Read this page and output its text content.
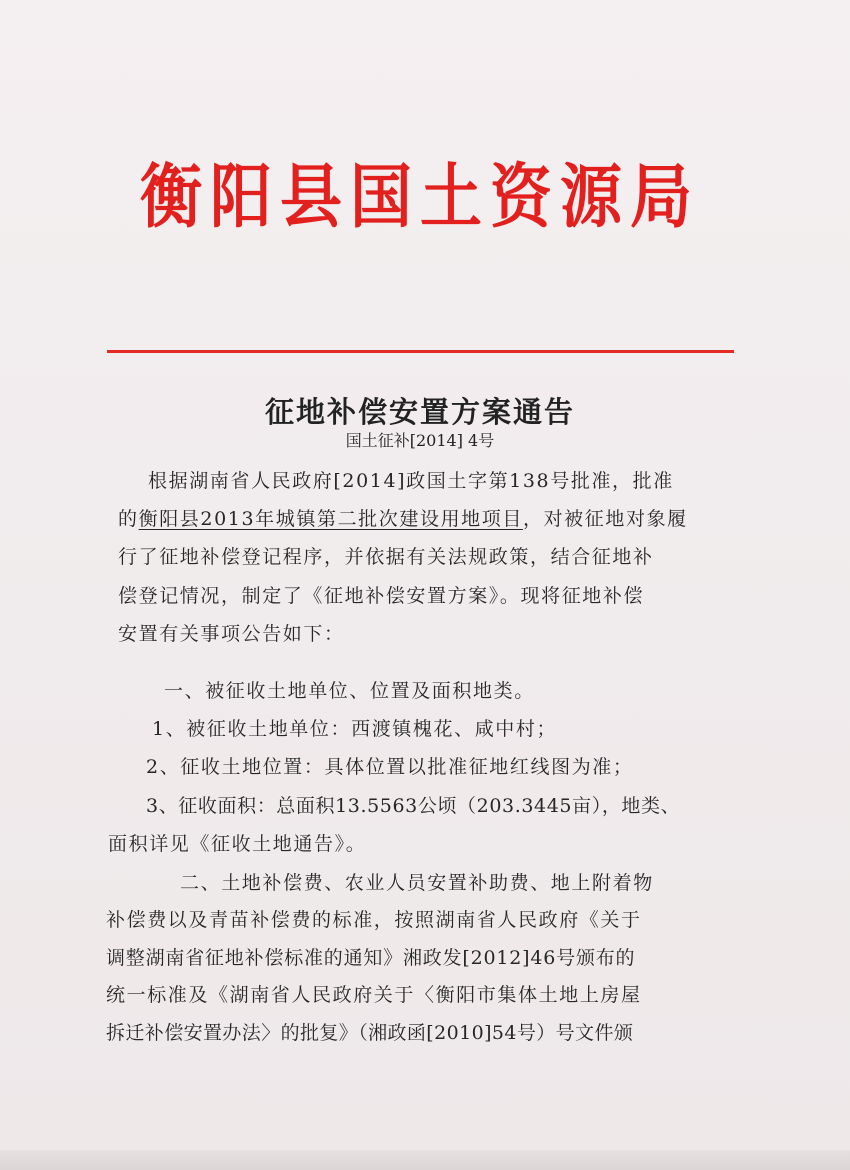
衡阳县国土资源局
征地补偿安置方案通告
国土征补[2014] 4号
根据湖南省人民政府[2014]政国土字第138号批准，批准
的衡阳县2013年城镇第二批次建设用地项目，对被征地对象履
行了征地补偿登记程序，并依据有关法规政策，结合征地补
偿登记情况，制定了《征地补偿安置方案》。现将征地补偿
安置有关事项公告如下：
一、被征收土地单位、位置及面积地类。
1、被征收土地单位：西渡镇槐花、咸中村；
2、征收土地位置：具体位置以批准征地红线图为准；
3、征收面积：总面积13.5563公顷（203.3445亩），地类、
面积详见《征收土地通告》。
二、土地补偿费、农业人员安置补助费、地上附着物
补偿费以及青苗补偿费的标准，按照湖南省人民政府《关于
调整湖南省征地补偿标准的通知》湘政发[2012]46号颁布的
统一标准及《湖南省人民政府关于〈衡阳市集体土地上房屋
拆迁补偿安置办法〉的批复》（湘政函[2010]54号）号文件颁
